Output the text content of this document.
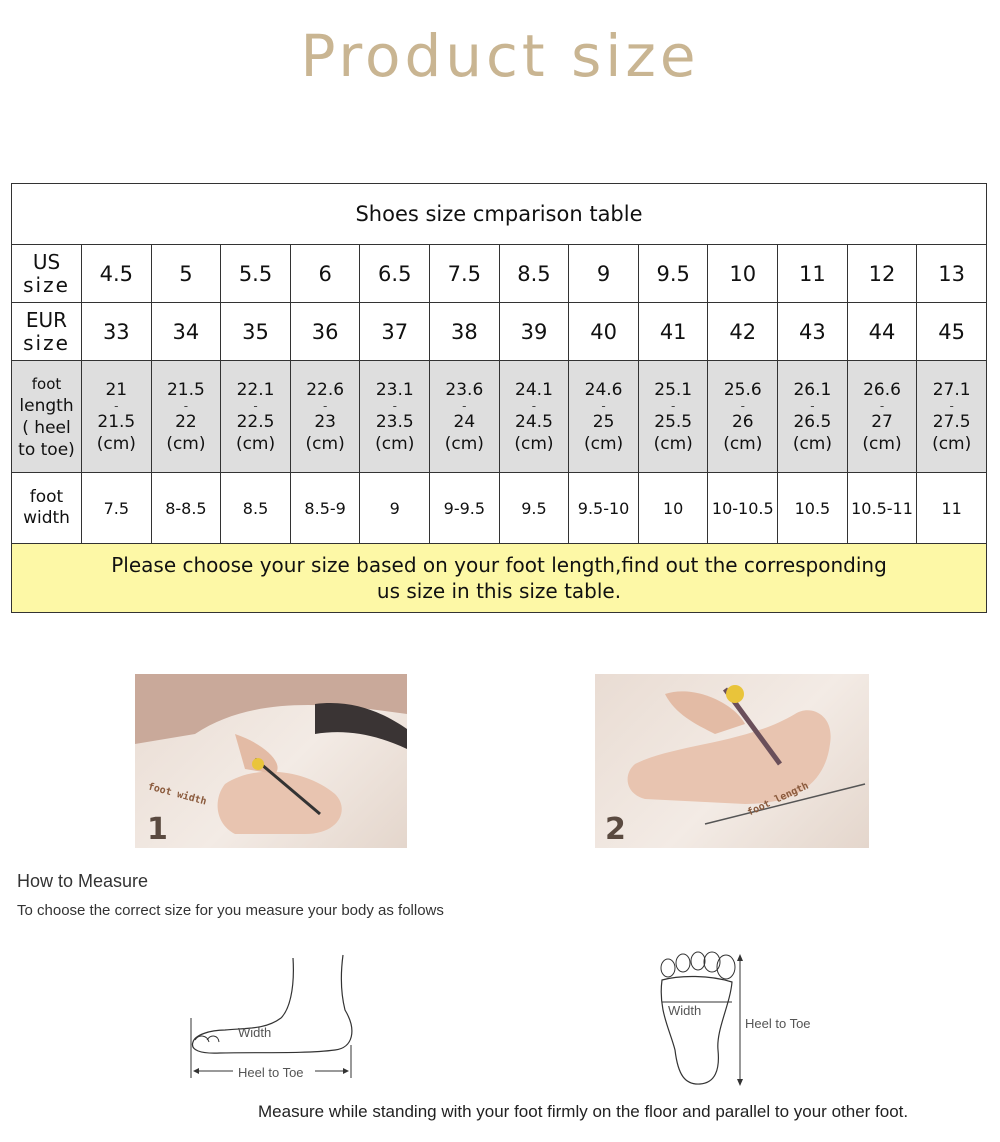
Product size
Shoes size cmparison table													
US
size	4.5	5	5.5	6	6.5	7.5	8.5	9	9.5	10	11	12	13
EUR
size	33	34	35	36	37	38	39	40	41	42	43	44	45
foot
length
( heel
to toe)	21

-
21.5
(cm)	21.5

-
22
(cm)	22.1

-
22.5
(cm)	22.6

-
23
(cm)	23.1

-
23.5
(cm)	23.6

-
24
(cm)	24.1

-
24.5
(cm)	24.6

-
25
(cm)	25.1

-
25.5
(cm)	25.6

-
26
(cm)	26.1

-
26.5
(cm)	26.6

-
27
(cm)	27.1

-
27.5
(cm)
foot
width	7.5	8-8.5	8.5	8.5-9	9	9-9.5	9.5	9.5-10	10	10-10.5	10.5	10.5-11	11
Please choose your size based on your foot length,find out the corresponding
us size in this size table.													
foot width
1
foot length
2
How to Measure
To choose the correct size for you measure your body as follows
Width
Heel to Toe
Width
Heel to Toe
Measure while standing with your foot firmly on the floor and parallel to your other foot.
